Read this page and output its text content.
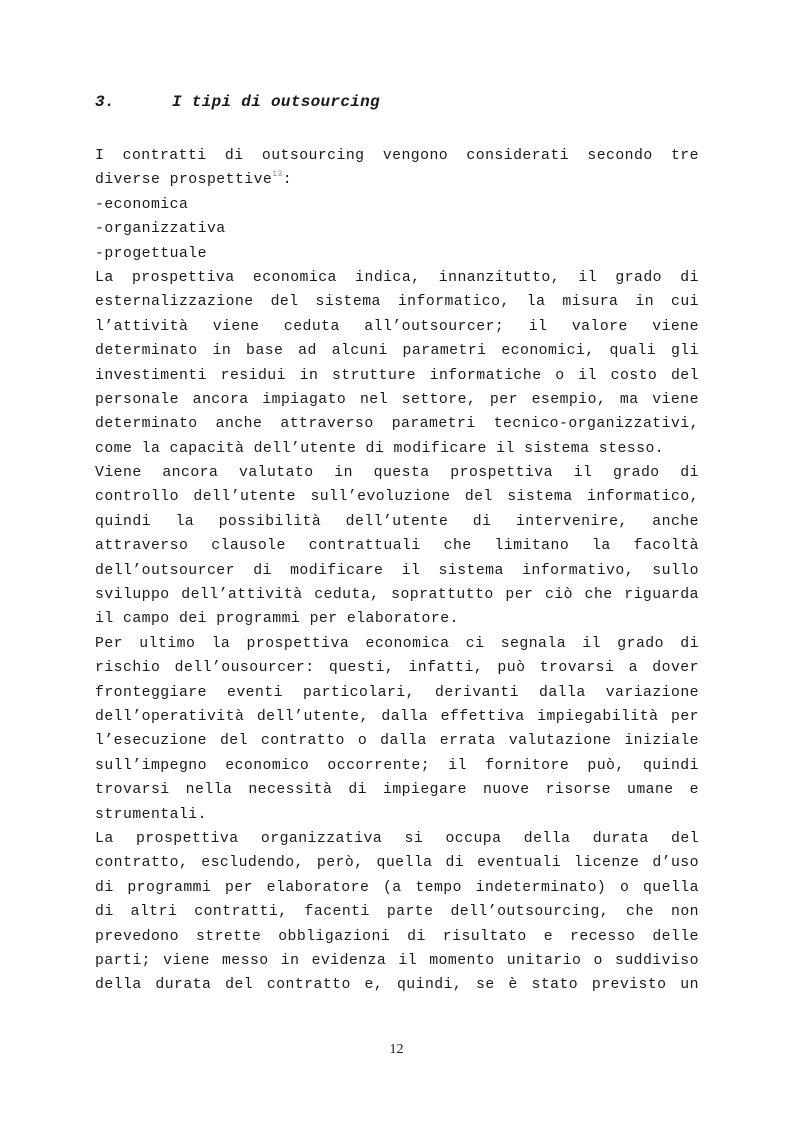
3.	I tipi di outsourcing
I contratti di outsourcing vengono considerati secondo tre
diverse prospettive$^{13}$:
-economica
-organizzativa
-progettuale
La prospettiva economica indica, innanzitutto, il grado di
esternalizzazione del sistema informatico, la misura in cui
l’attività viene ceduta all’outsourcer; il valore viene
determinato in base ad alcuni parametri economici, quali gli
investimenti residui in strutture informatiche o il costo del
personale ancora impiagato nel settore, per esempio, ma viene
determinato anche attraverso parametri tecnico-organizzativi,
come la capacità dell’utente di modificare il sistema stesso.
Viene ancora valutato in questa prospettiva il grado di
controllo dell’utente sull’evoluzione del sistema informatico,
quindi la possibilità dell’utente di intervenire, anche
attraverso clausole contrattuali che limitano la facoltà
dell’outsourcer di modificare il sistema informativo, sullo
sviluppo dell’attività ceduta, soprattutto per ciò che riguarda
il campo dei programmi per elaboratore.
Per ultimo la prospettiva economica ci segnala il grado di
rischio dell’ousourcer: questi, infatti, può trovarsi a dover
fronteggiare eventi particolari, derivanti dalla variazione
dell’operatività dell’utente, dalla effettiva impiegabilità per
l’esecuzione del contratto o dalla errata valutazione iniziale
sull’impegno economico occorrente; il fornitore può, quindi
trovarsi nella necessità di impiegare nuove risorse umane e
strumentali.
La prospettiva organizzativa si occupa della durata del
contratto, escludendo, però, quella di eventuali licenze d’uso
di programmi per elaboratore (a tempo indeterminato) o quella
di altri contratti, facenti parte dell’outsourcing, che non
prevedono strette obbligazioni di risultato e recesso delle
parti; viene messo in evidenza il momento unitario o suddiviso
della durata del contratto e, quindi, se è stato previsto un
12
